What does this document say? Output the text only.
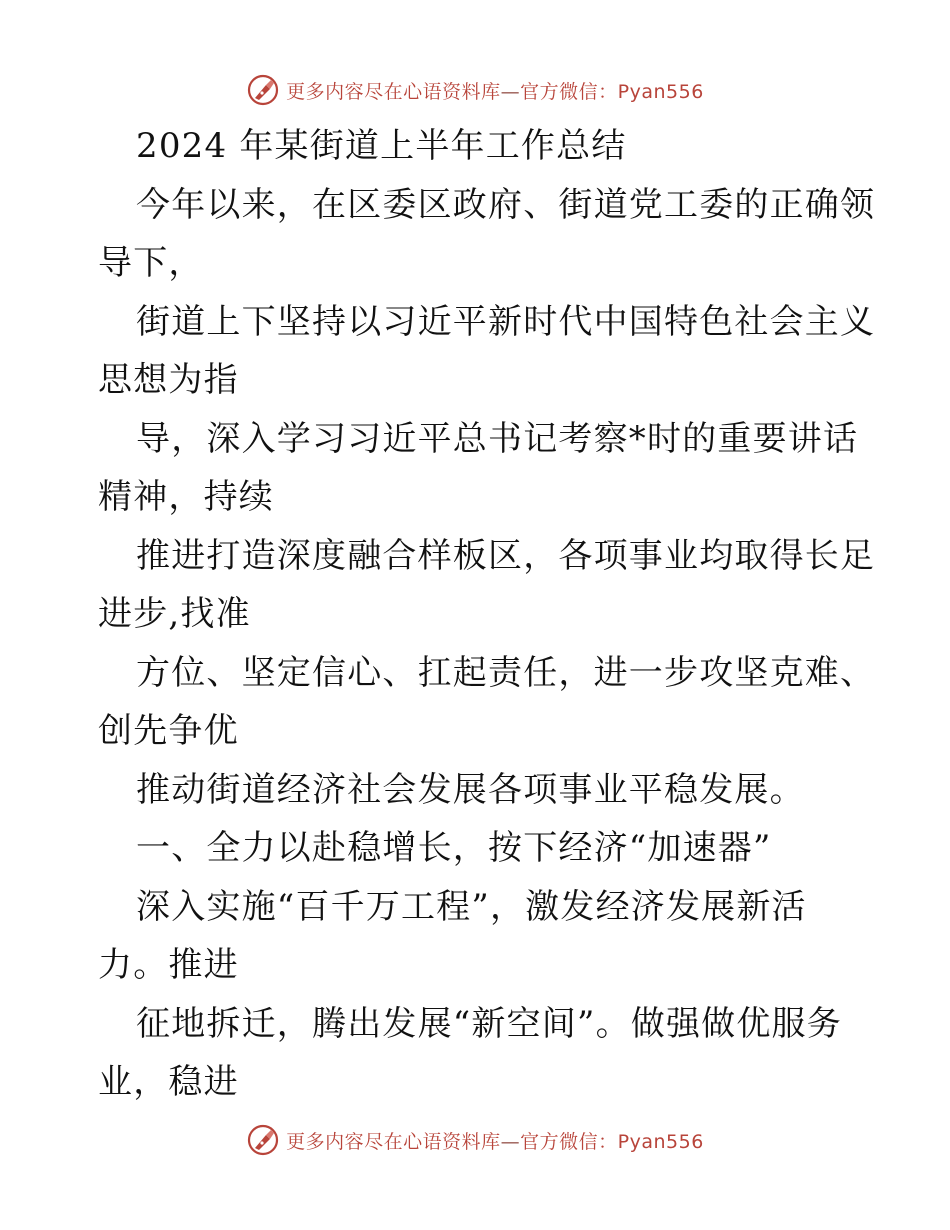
更多内容尽在心语资料库—官方微信：Pyan556
2024 年某街道上半年工作总结
今年以来，在区委区政府、街道党工委的正确领
导下，
街道上下坚持以习近平新时代中国特色社会主义
思想为指
导，深入学习习近平总书记考察*时的重要讲话
精神，持续
推进打造深度融合样板区，各项事业均取得长足
进步,找准
方位、坚定信心、扛起责任，进一步攻坚克难、
创先争优
推动街道经济社会发展各项事业平稳发展。
一、全力以赴稳增长，按下经济“加速器”
深入实施“百千万工程”，激发经济发展新活
力。推进
征地拆迁，腾出发展“新空间”。做强做优服务
业，稳进
更多内容尽在心语资料库—官方微信：Pyan556
